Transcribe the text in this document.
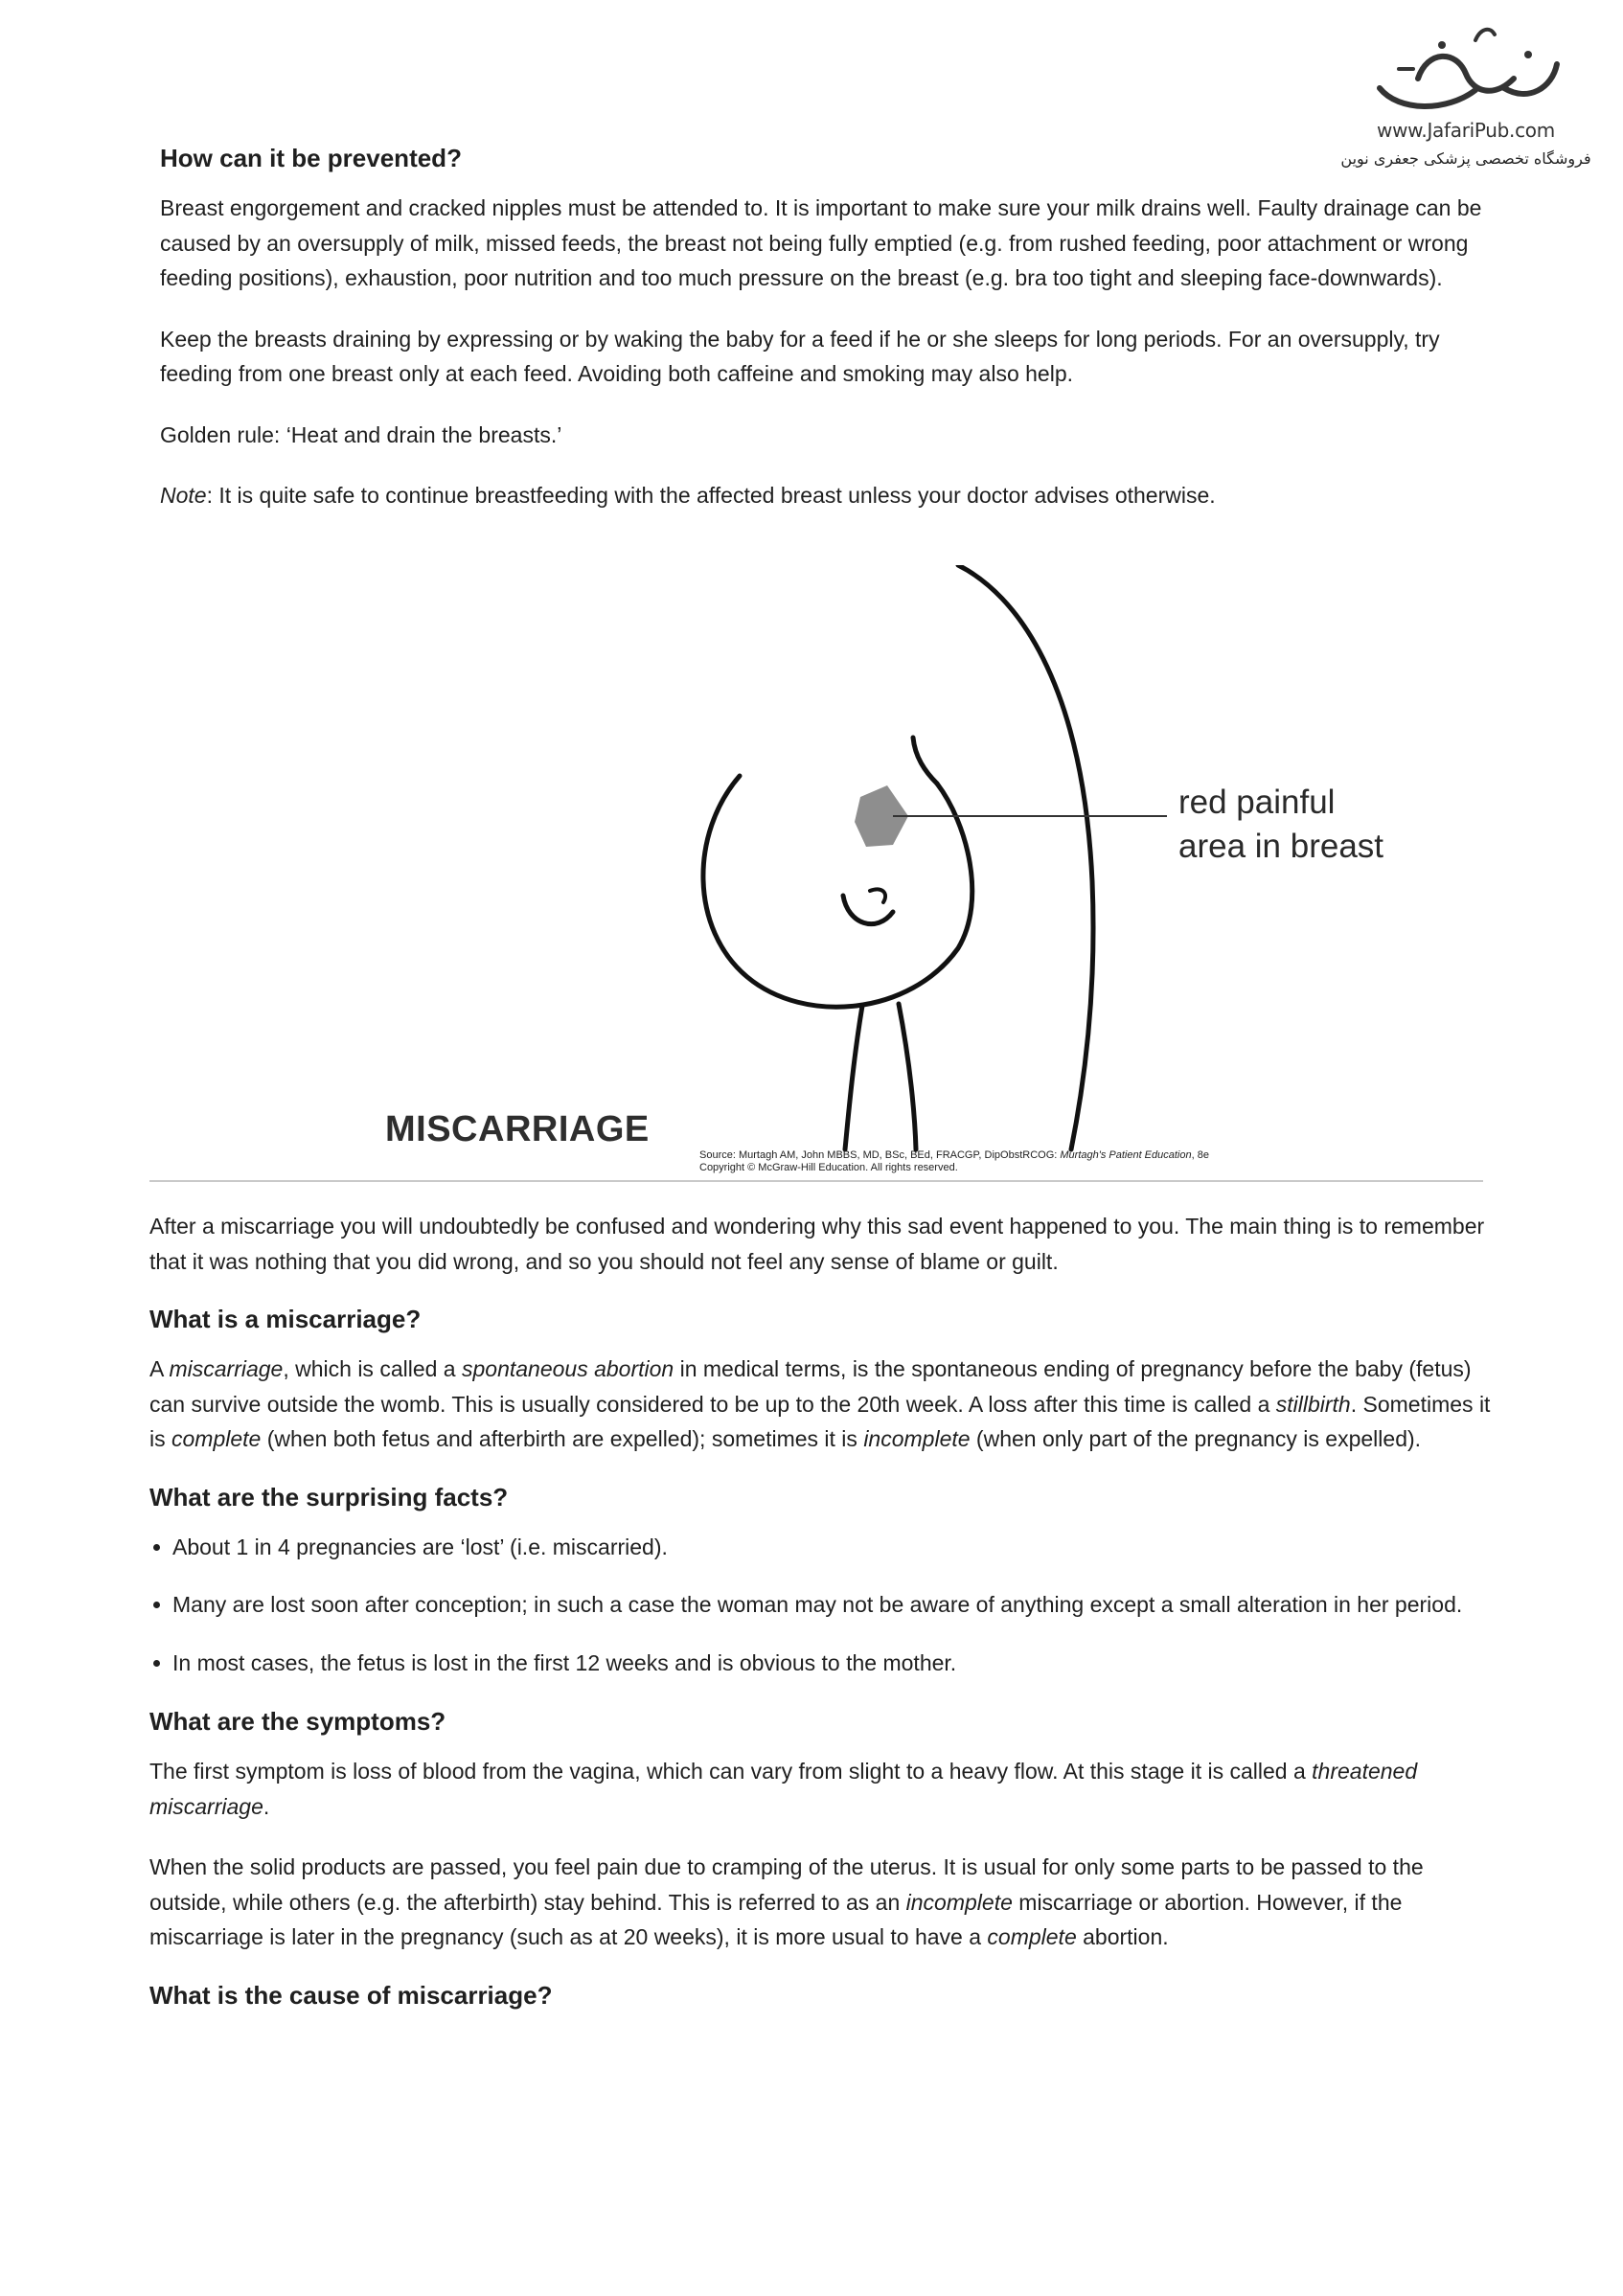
www.JafariPub.com
فروشگاه تخصصی پزشکی جعفری نوین
How can it be prevented?

Breast engorgement and cracked nipples must be attended to. It is important to make sure your milk drains well. Faulty drainage can be caused by an oversupply of milk, missed feeds, the breast not being fully emptied (e.g. from rushed feeding, poor attachment or wrong feeding positions), exhaustion, poor nutrition and too much pressure on the breast (e.g. bra too tight and sleeping face-downwards).

Keep the breasts draining by expressing or by waking the baby for a feed if he or she sleeps for long periods. For an oversupply, try feeding from one breast only at each feed. Avoiding both caffeine and smoking may also help.

Golden rule: ‘Heat and drain the breasts.’

Note: It is quite safe to continue breastfeeding with the affected breast unless your doctor advises otherwise.

red painful
area in breast
Source: Murtagh AM, John MBBS, MD, BSc, BEd, FRACGP, DipObstRCOG: Murtagh's Patient Education, 8e
Copyright © McGraw-Hill Education. All rights reserved.
MISCARRIAGE

After a miscarriage you will undoubtedly be confused and wondering why this sad event happened to you. The main thing is to remember that it was nothing that you did wrong, and so you should not feel any sense of blame or guilt.

What is a miscarriage?

A miscarriage, which is called a spontaneous abortion in medical terms, is the spontaneous ending of pregnancy before the baby (fetus) can survive outside the womb. This is usually considered to be up to the 20th week. A loss after this time is called a stillbirth. Sometimes it is complete (when both fetus and afterbirth are expelled); sometimes it is incomplete (when only part of the pregnancy is expelled).

What are the surprising facts?
About 1 in 4 pregnancies are ‘lost’ (i.e. miscarried).
Many are lost soon after conception; in such a case the woman may not be aware of anything except a small alteration in her period.
In most cases, the fetus is lost in the first 12 weeks and is obvious to the mother.
What are the symptoms?

The first symptom is loss of blood from the vagina, which can vary from slight to a heavy flow. At this stage it is called a threatened miscarriage.

When the solid products are passed, you feel pain due to cramping of the uterus. It is usual for only some parts to be passed to the outside, while others (e.g. the afterbirth) stay behind. This is referred to as an incomplete miscarriage or abortion. However, if the miscarriage is later in the pregnancy (such as at 20 weeks), it is more usual to have a complete abortion.

What is the cause of miscarriage?
